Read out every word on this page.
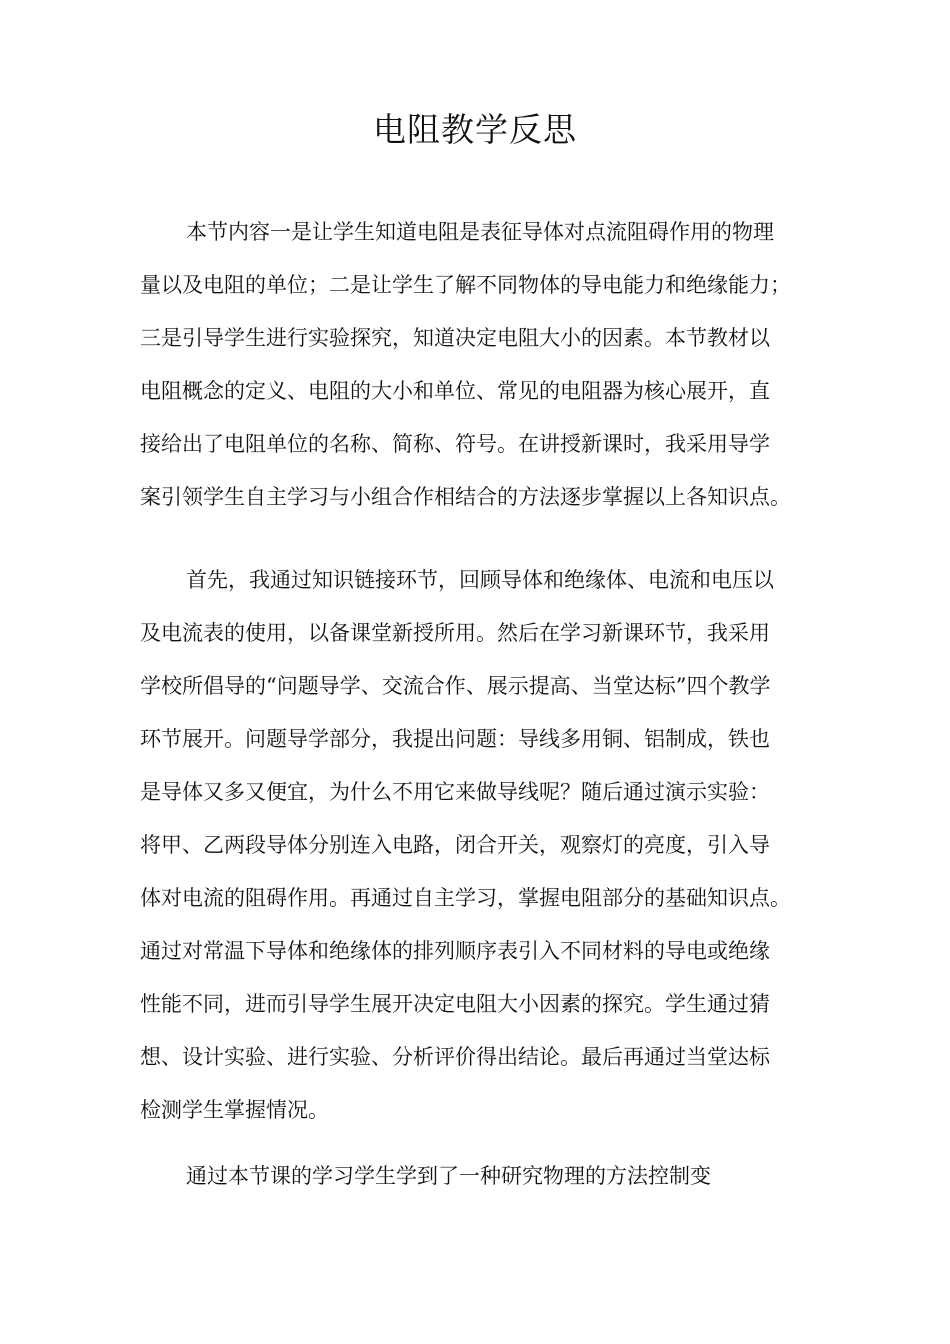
电阻教学反思
本节内容一是让学生知道电阻是表征导体对点流阻碍作用的物理
量以及电阻的单位；二是让学生了解不同物体的导电能力和绝缘能力；
三是引导学生进行实验探究，知道决定电阻大小的因素。本节教材以
电阻概念的定义、电阻的大小和单位、常见的电阻器为核心展开，直
接给出了电阻单位的名称、简称、符号。在讲授新课时，我采用导学
案引领学生自主学习与小组合作相结合的方法逐步掌握以上各知识点。
首先，我通过知识链接环节，回顾导体和绝缘体、电流和电压以
及电流表的使用，以备课堂新授所用。然后在学习新课环节，我采用
学校所倡导的“问题导学、交流合作、展示提高、当堂达标”四个教学
环节展开。问题导学部分，我提出问题：导线多用铜、铝制成，铁也
是导体又多又便宜，为什么不用它来做导线呢？随后通过演示实验：
将甲、乙两段导体分别连入电路，闭合开关，观察灯的亮度，引入导
体对电流的阻碍作用。再通过自主学习，掌握电阻部分的基础知识点。
通过对常温下导体和绝缘体的排列顺序表引入不同材料的导电或绝缘
性能不同，进而引导学生展开决定电阻大小因素的探究。学生通过猜
想、设计实验、进行实验、分析评价得出结论。最后再通过当堂达标
检测学生掌握情况。
通过本节课的学习学生学到了一种研究物理的方法控制变
